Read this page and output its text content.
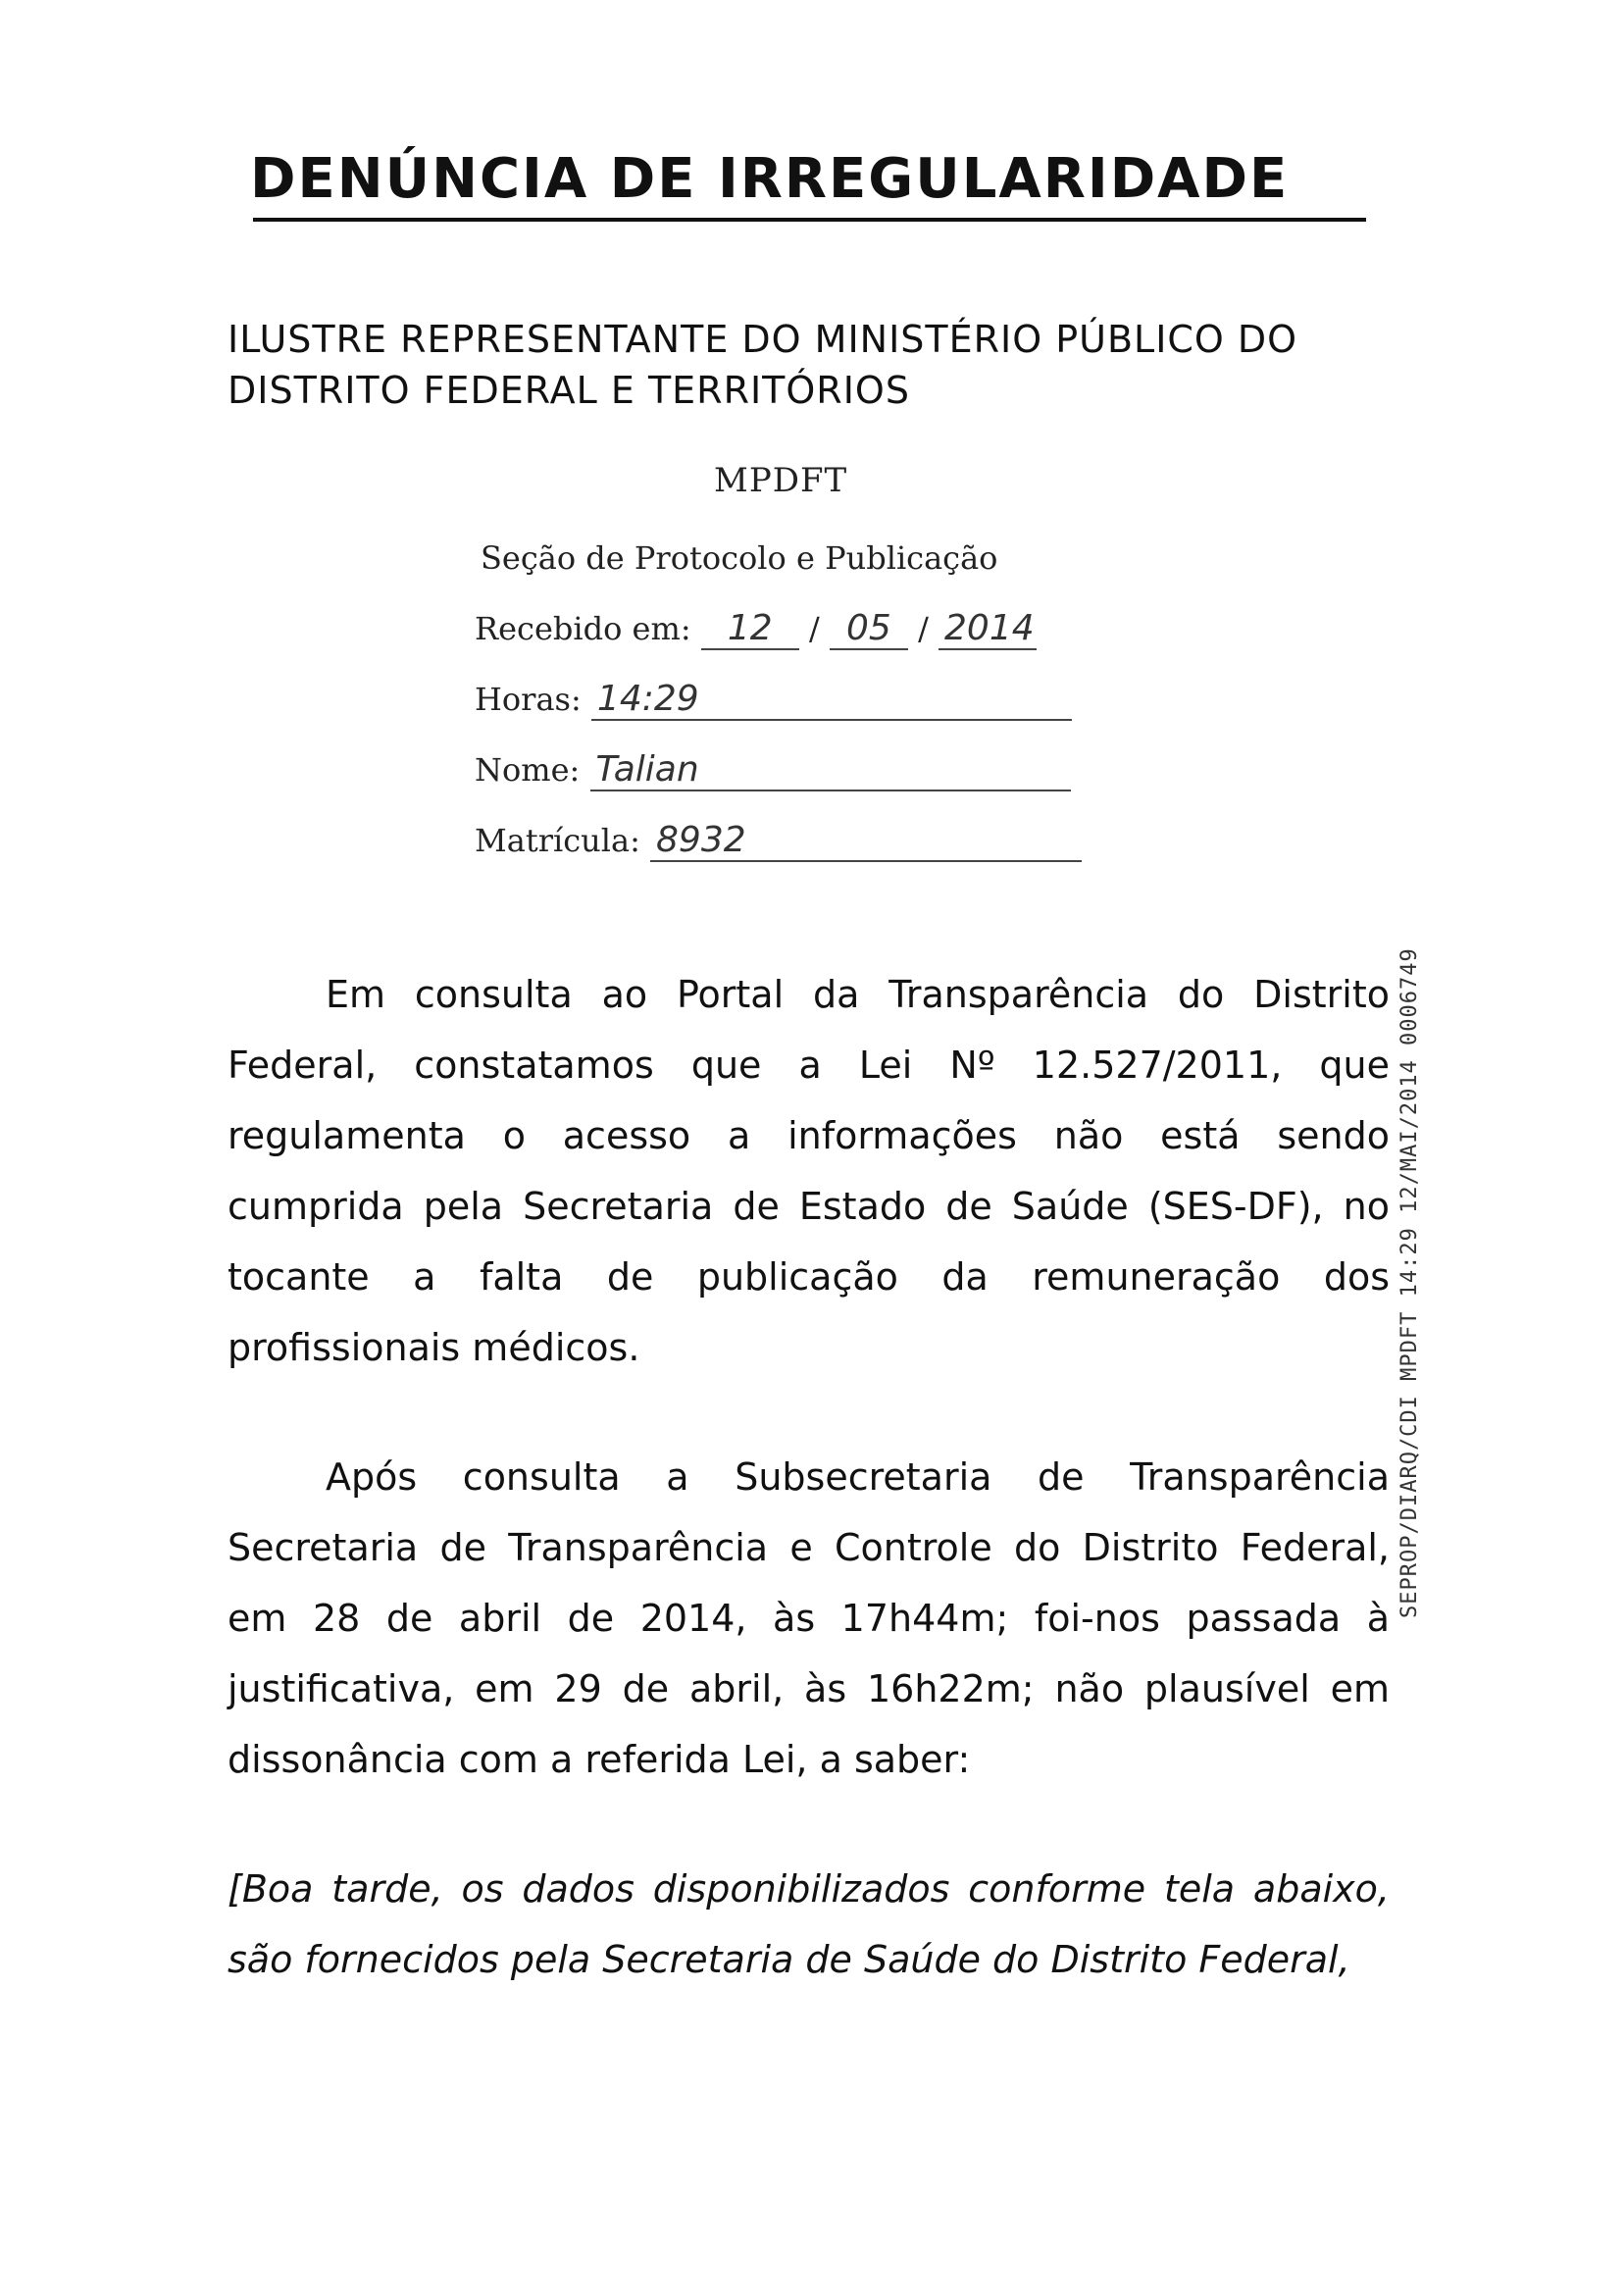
DENÚNCIA DE IRREGULARIDADE
ILUSTRE REPRESENTANTE DO MINISTÉRIO PÚBLICO DO
DISTRITO FEDERAL E TERRITÓRIOS
MPDFT
Seção de Protocolo e Publicação
Recebido em: 12 / 05 / 2014
Horas: 14:29
Nome: Talian
Matrícula: 8932

Em consulta ao Portal da Transparência do Distrito Federal, constatamos que a Lei Nº 12.527/2011, que regulamenta o acesso a informações não está sendo cumprida pela Secretaria de Estado de Saúde (SES-DF), no tocante a falta de publicação da remuneração dos profissionais médicos.

Após consulta a Subsecretaria de Transparência Secretaria de Transparência e Controle do Distrito Federal, em 28 de abril de 2014, às 17h44m; foi-nos passada à justificativa, em 29 de abril, às 16h22m; não plausível em dissonância com a referida Lei, a saber:

[Boa tarde, os dados disponibilizados conforme tela abaixo, são fornecidos pela Secretaria de Saúde do Distrito Federal,

SEPROP/DIARQ/CDI MPDFT 14:29 12/MAI/2014 0006749
